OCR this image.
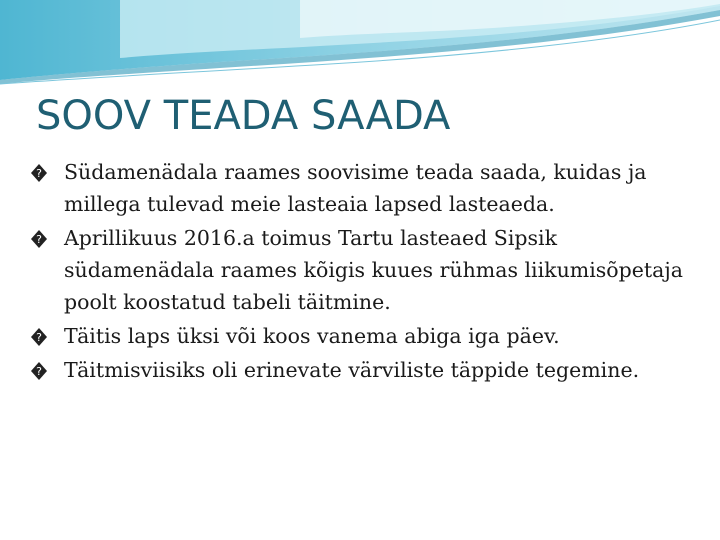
SOOV TEADA SAADA

? Südamenädala raames soovisime teada saada, kuidas ja millega tulevad meie lasteaia lapsed lasteaeda.

? Aprillikuus 2016.a toimus Tartu lasteaed Sipsik südamenädala raames kõigis kuues rühmas liikumisõpetaja poolt koostatud tabeli täitmine.

? Täitis laps üksi või koos vanema abiga iga päev.

? Täitmisviisiks oli erinevate värviliste täppide tegemine.
